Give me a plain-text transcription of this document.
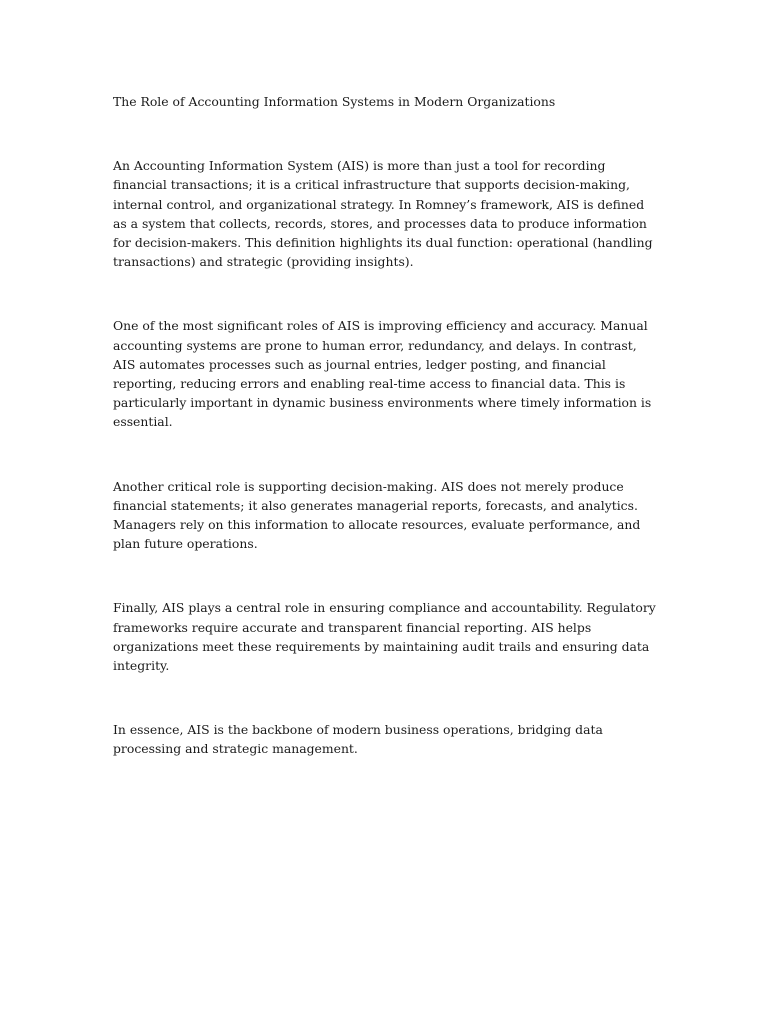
The Role of Accounting Information Systems in Modern Organizations

An Accounting Information System (AIS) is more than just a tool for recording financial transactions; it is a critical infrastructure that supports decision-making, internal control, and organizational strategy. In Romney’s framework, AIS is defined as a system that collects, records, stores, and processes data to produce information for decision-makers. This definition highlights its dual function: operational (handling transactions) and strategic (providing insights).

One of the most significant roles of AIS is improving efficiency and accuracy. Manual accounting systems are prone to human error, redundancy, and delays. In contrast, AIS automates processes such as journal entries, ledger posting, and financial reporting, reducing errors and enabling real-time access to financial data. This is particularly important in dynamic business environments where timely information is essential.

Another critical role is supporting decision-making. AIS does not merely produce financial statements; it also generates managerial reports, forecasts, and analytics. Managers rely on this information to allocate resources, evaluate performance, and plan future operations.

Finally, AIS plays a central role in ensuring compliance and accountability. Regulatory frameworks require accurate and transparent financial reporting. AIS helps organizations meet these requirements by maintaining audit trails and ensuring data integrity.

In essence, AIS is the backbone of modern business operations, bridging data processing and strategic management.
